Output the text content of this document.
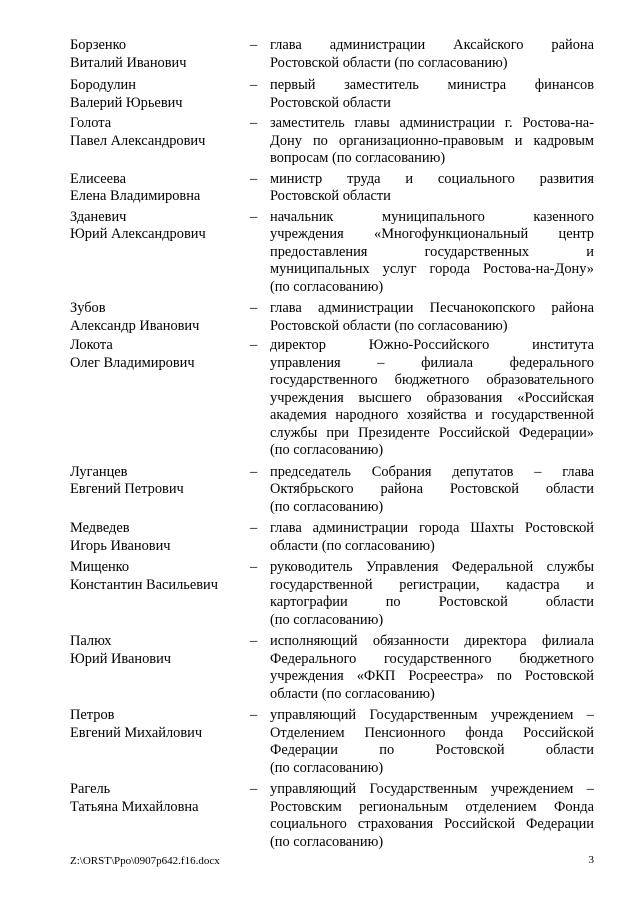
Борзенко
Виталий Иванович
– глава администрации Аксайского района
Ростовской области (по согласованию)
Бородулин
Валерий Юрьевич
– первый заместитель министра финансов
Ростовской области
Голота
Павел Александрович
– заместитель главы администрации г. Ростова-на-
Дону по организационно-правовым и кадровым
вопросам (по согласованию)
Елисеева
Елена Владимировна
– министр труда и социального развития
Ростовской области
Зданевич
Юрий Александрович
– начальник муниципального казенного
учреждения «Многофункциональный центр
предоставления государственных и
муниципальных услуг города Ростова-на-Дону»
(по согласованию)
Зубов
Александр Иванович
– глава администрации Песчанокопского района
Ростовской области (по согласованию)
Локота
Олег Владимирович
– директор Южно-Российского института
управления – филиала федерального
государственного бюджетного образовательного
учреждения высшего образования «Российская
академия народного хозяйства и государственной
службы при Президенте Российской Федерации»
(по согласованию)
Луганцев
Евгений Петрович
– председатель Собрания депутатов – глава
Октябрьского района Ростовской области
(по согласованию)
Медведев
Игорь Иванович
– глава администрации города Шахты Ростовской
области (по согласованию)
Мищенко
Константин Васильевич
– руководитель Управления Федеральной службы
государственной регистрации, кадастра и
картографии по Ростовской области
(по согласованию)
Палюх
Юрий Иванович
– исполняющий обязанности директора филиала
Федерального государственного бюджетного
учреждения «ФКП Росреестра» по Ростовской
области (по согласованию)
Петров
Евгений Михайлович
– управляющий Государственным учреждением –
Отделением Пенсионного фонда Российской
Федерации по Ростовской области
(по согласованию)
Рагель
Татьяна Михайловна
– управляющий Государственным учреждением –
Ростовским региональным отделением Фонда
социального страхования Российской Федерации
(по согласованию)
Z:\ORST\Ppo\0907p642.f16.docx	3
